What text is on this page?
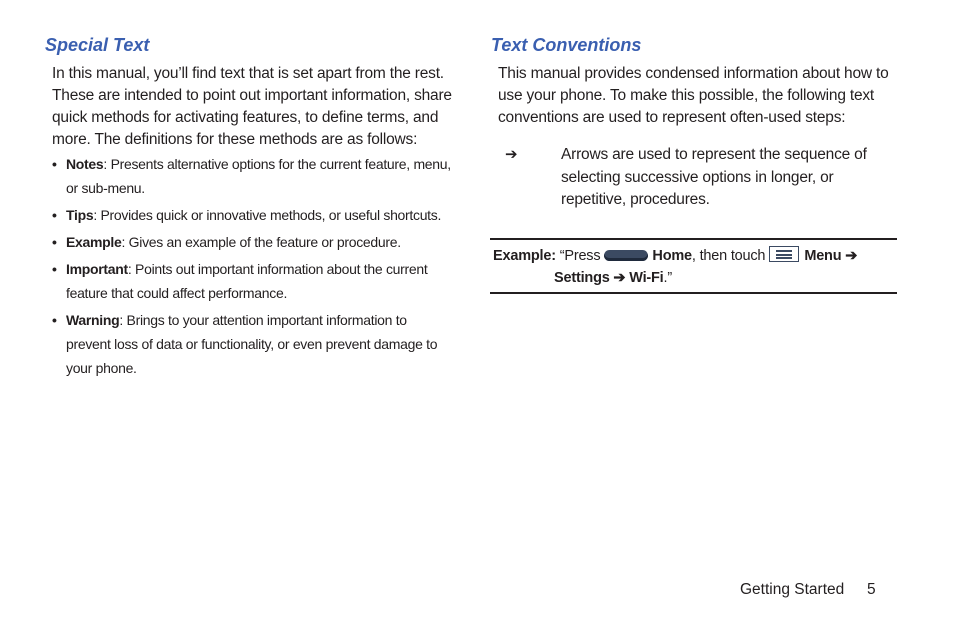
Special Text
In this manual, you’ll find text that is set apart from the rest. These are intended to point out important information, share quick methods for activating features, to define terms, and more. The definitions for these methods are as follows:
• Notes: Presents alternative options for the current feature, menu, or sub-menu.
• Tips: Provides quick or innovative methods, or useful shortcuts.
• Example: Gives an example of the feature or procedure.
• Important: Points out important information about the current feature that could affect performance.
• Warning: Brings to your attention important information to prevent loss of data or functionality, or even prevent damage to your phone.
Text Conventions
This manual provides condensed information about how to use your phone. To make this possible, the following text conventions are used to represent often-used steps:
➔	Arrows are used to represent the sequence of selecting successive options in longer, or repetitive, procedures.
Example: “Press	Home, then touch	Menu ➔
Settings ➔ Wi-Fi.”
Getting Started 5
